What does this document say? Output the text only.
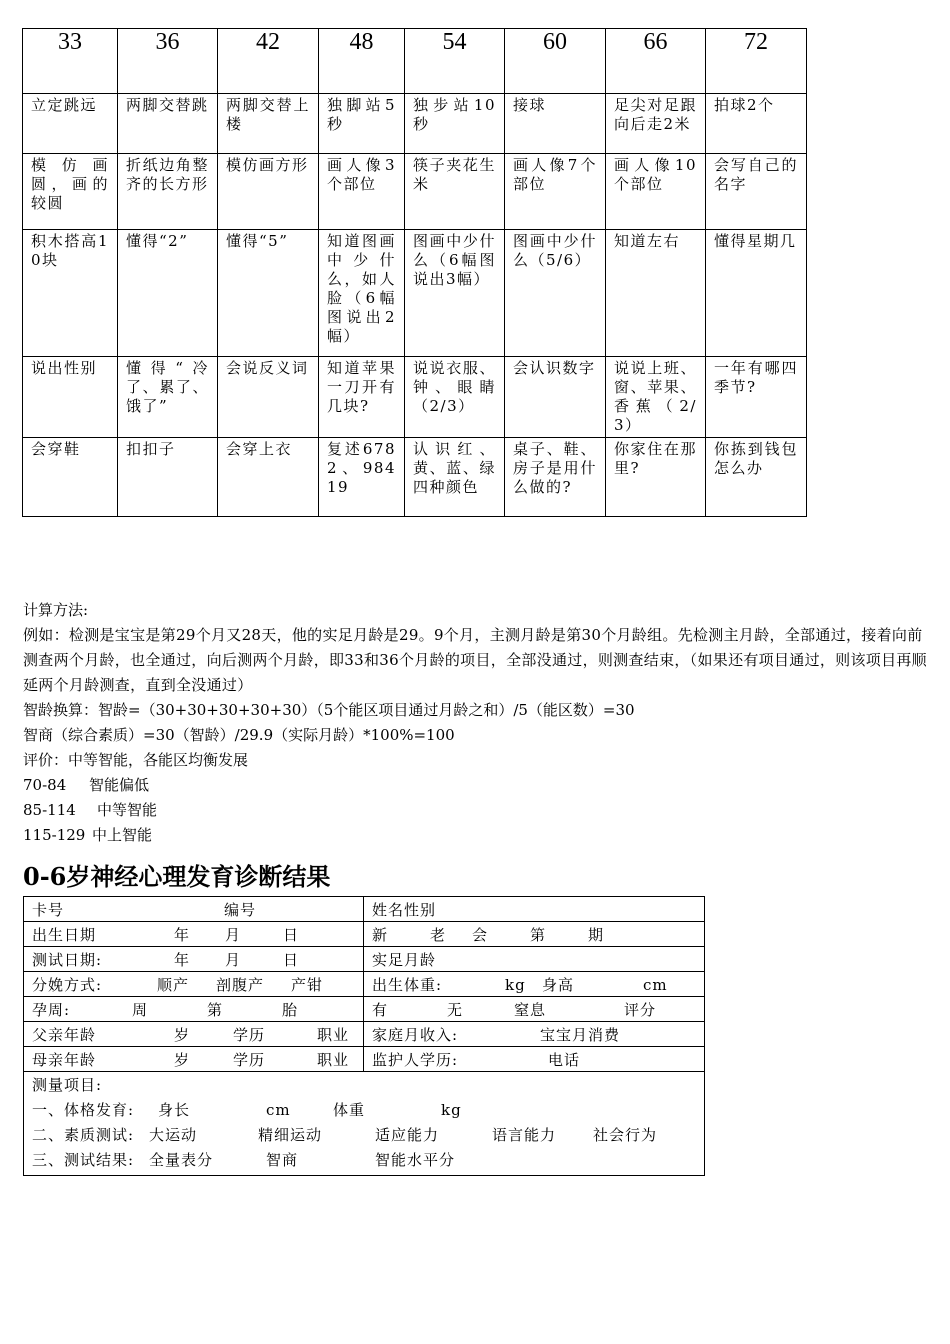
33	36	42	48	54	60	66	72
立定跳远	两脚交替跳	两脚交替上楼	独脚站5秒	独步站10秒	接球	足尖对足跟向后走2米	拍球2个
模仿画圆，画的较圆	折纸边角整齐的长方形	模仿画方形	画人像3个部位	筷子夹花生米	画人像7个部位	画人像10个部位	会写自己的名字
积木搭高10块	懂得“2”	懂得“5”	知道图画中少什么，如人脸（6幅图说出2幅）	图画中少什么（6幅图说出3幅）	图画中少什么（5/6）	知道左右	懂得星期几
说出性别	懂得“冷了、累了、饿了”	会说反义词	知道苹果一刀开有几块?	说说衣服、钟、眼睛（2/3）	会认识数字	说说上班、窗、苹果、香蕉（2/3）	一年有哪四季节?
会穿鞋	扣扣子	会穿上衣	复述6782、98419	认识红、黄、蓝、绿四种颜色	桌子、鞋、房子是用什么做的?	你家住在那里?	你拣到钱包怎么办
计算方法:
例如：检测是宝宝是第29个月又28天，他的实足月龄是29。9个月，主测月龄是第30个月龄组。先检测主月龄，全部通过，接着向前测查两个月龄，也全通过，向后测两个月龄，即33和36个月龄的项目，全部没通过，则测查结束，（如果还有项目通过，则该项目再顺延两个月龄测查，直到全没通过）
智龄换算：智龄=（30+30+30+30+30）（5个能区项目通过月龄之和）/5（能区数）=30
智商（综合素质）=30（智龄）/29.9（实际月龄）*100%=100
评价：中等智能，各能区均衡发展
70-84 智能偏低
85-114 中等智能
115-129 中上智能
0-6岁神经心理发育诊断结果
卡号 编号	姓名性别
出生日期 年 月 日	新 老 会 第 期
测试日期: 年 月 日	实足月龄
分娩方式: 顺产 剖腹产 产钳	出生体重: kg 身高 cm
孕周: 周 第 胎	有 无 窒息 评分
父亲年龄 岁 学历 职业	家庭月收入: 宝宝月消费
母亲年龄 岁 学历 职业	监护人学历: 电话

测量项目:
一、体格发育: 身长 cm 体重 kg
二、素质测试: 大运动 精细运动 适应能力 语言能力 社会行为
三、测试结果: 全量表分 智商 智能水平分	
